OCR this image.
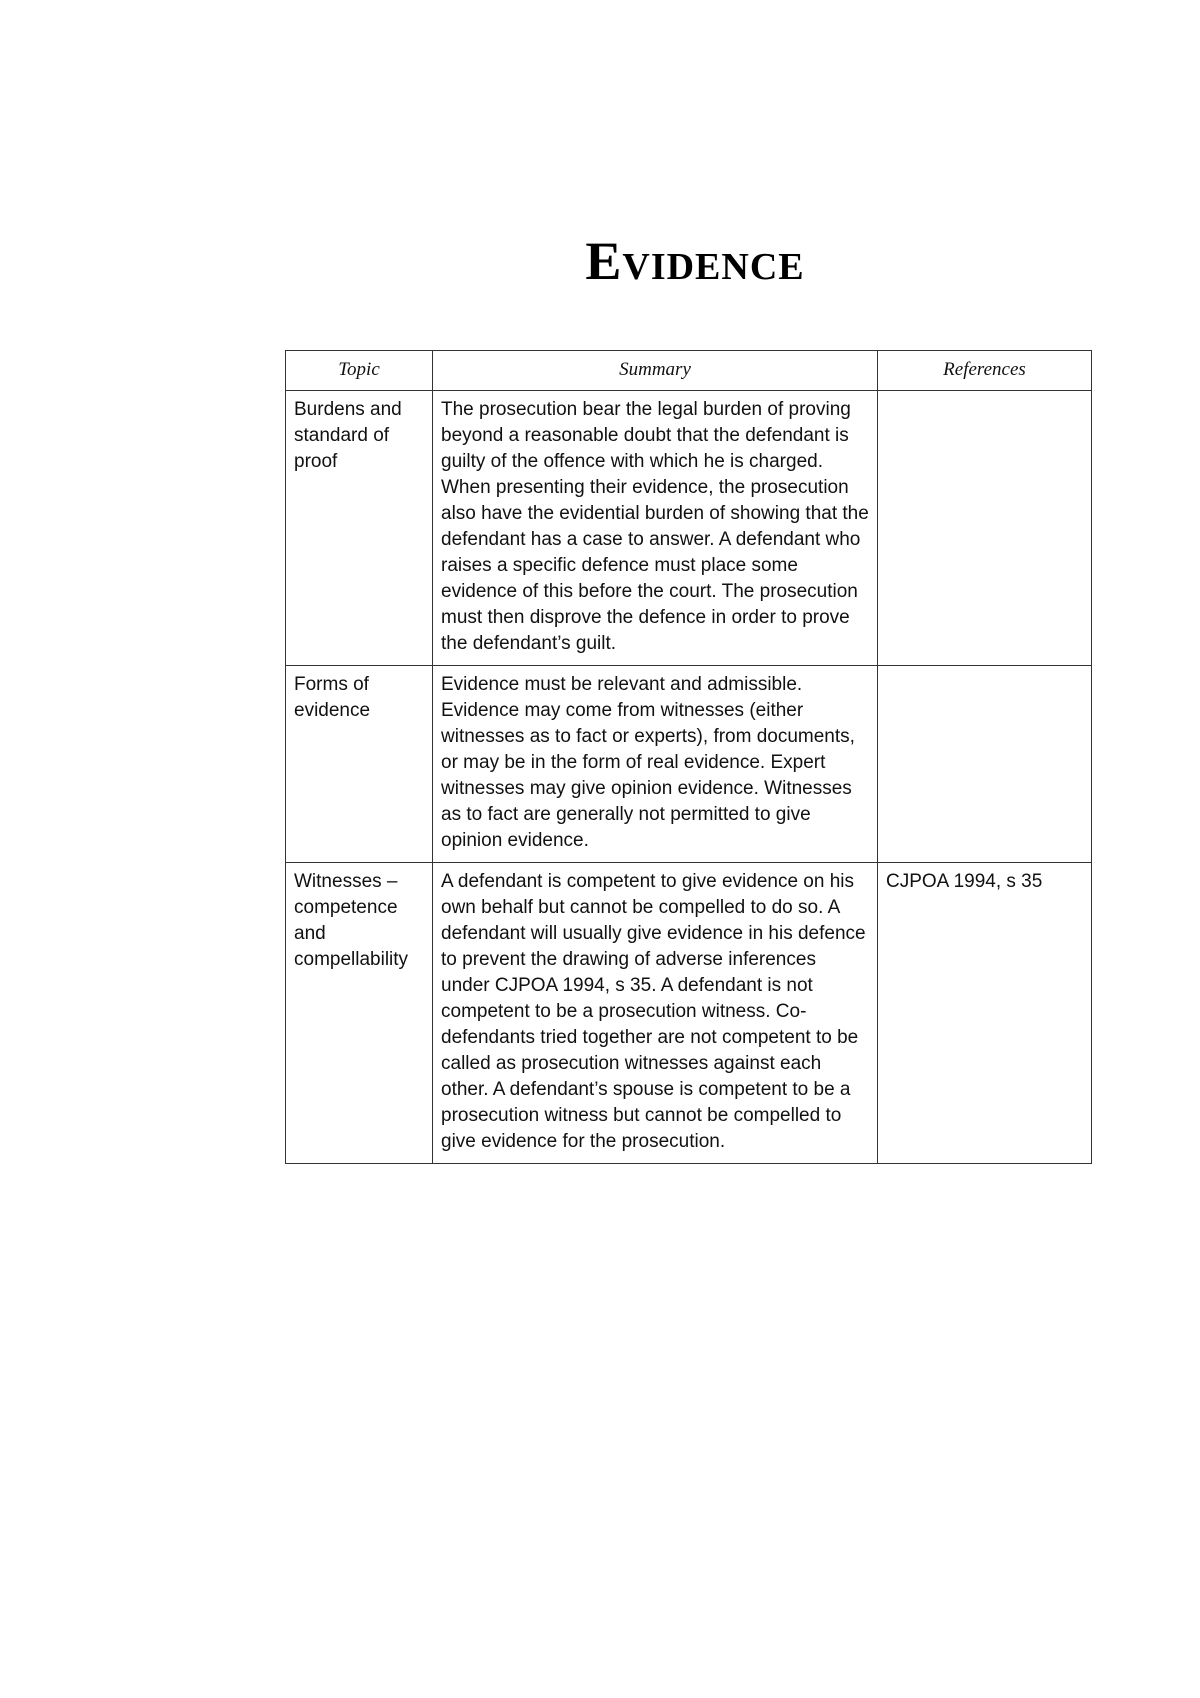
Evidence
Topic	Summary	References
Burdens and standard of proof	The prosecution bear the legal burden of proving beyond a reasonable doubt that the defendant is guilty of the offence with which he is charged. When presenting their evidence, the prosecution also have the evidential burden of showing that the defendant has a case to answer. A defendant who raises a specific defence must place some evidence of this before the court. The prosecution must then disprove the defence in order to prove the defendant’s guilt.	
Forms of evidence	Evidence must be relevant and admissible. Evidence may come from witnesses (either witnesses as to fact or experts), from documents, or may be in the form of real evidence. Expert witnesses may give opinion evidence. Witnesses as to fact are generally not permitted to give opinion evidence.	
Witnesses – competence and compellability	A defendant is competent to give evidence on his own behalf but cannot be compelled to do so. A defendant will usually give evidence in his defence to prevent the drawing of adverse inferences under CJPOA 1994, s 35. A defendant is not competent to be a prosecution witness. Co-defendants tried together are not competent to be called as prosecution witnesses against each other. A defendant’s spouse is competent to be a prosecution witness but cannot be compelled to give evidence for the prosecution.	CJPOA 1994, s 35
